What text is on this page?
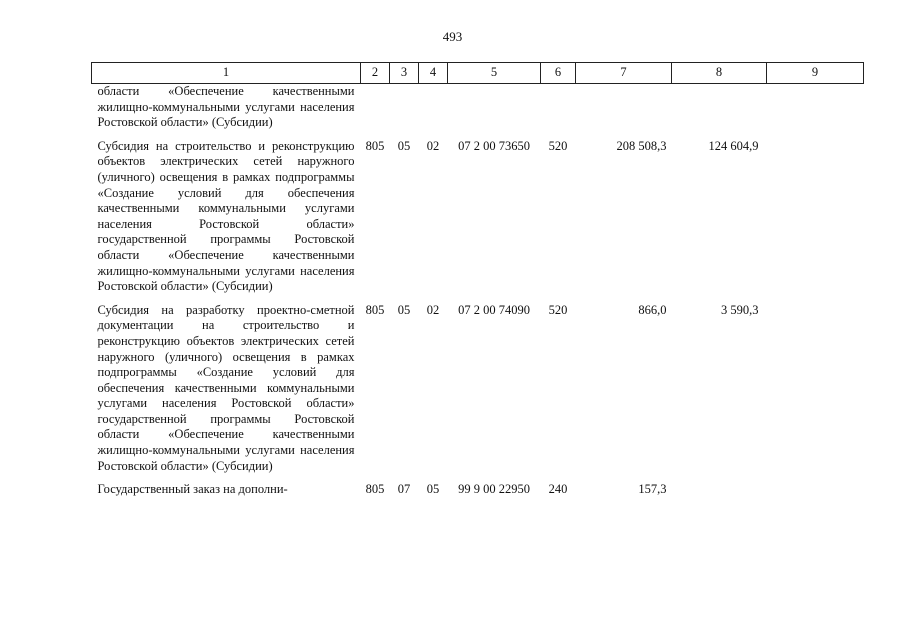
493
1	2	3	4	5	6	7	8	9
области «Обеспечение качественными жилищно-коммунальными услугами населения Ростовской области» (Субсидии)								
Субсидия на строительство и реконструкцию объектов электрических сетей наружного (уличного) освещения в рамках подпрограммы «Создание условий для обеспечения качественными коммунальными услугами населения Ростовской области» государственной программы Ростовской области «Обеспечение качественными жилищно-коммунальными услугами населения Ростовской области» (Субсидии)	805	05	02	07 2 00 73650	520	208 508,3	124 604,9	
Субсидия на разработку проектно-сметной документации на строительство и реконструкцию объектов электрических сетей наружного (уличного) освещения в рамках подпрограммы «Создание условий для обеспечения качественными коммунальными услугами населения Ростовской области» государственной программы Ростовской области «Обеспечение качественными жилищно-коммунальными услугами населения Ростовской области» (Субсидии)	805	05	02	07 2 00 74090	520	866,0	3 590,3	
Государственный заказ на дополни-	805	07	05	99 9 00 22950	240	157,3		
